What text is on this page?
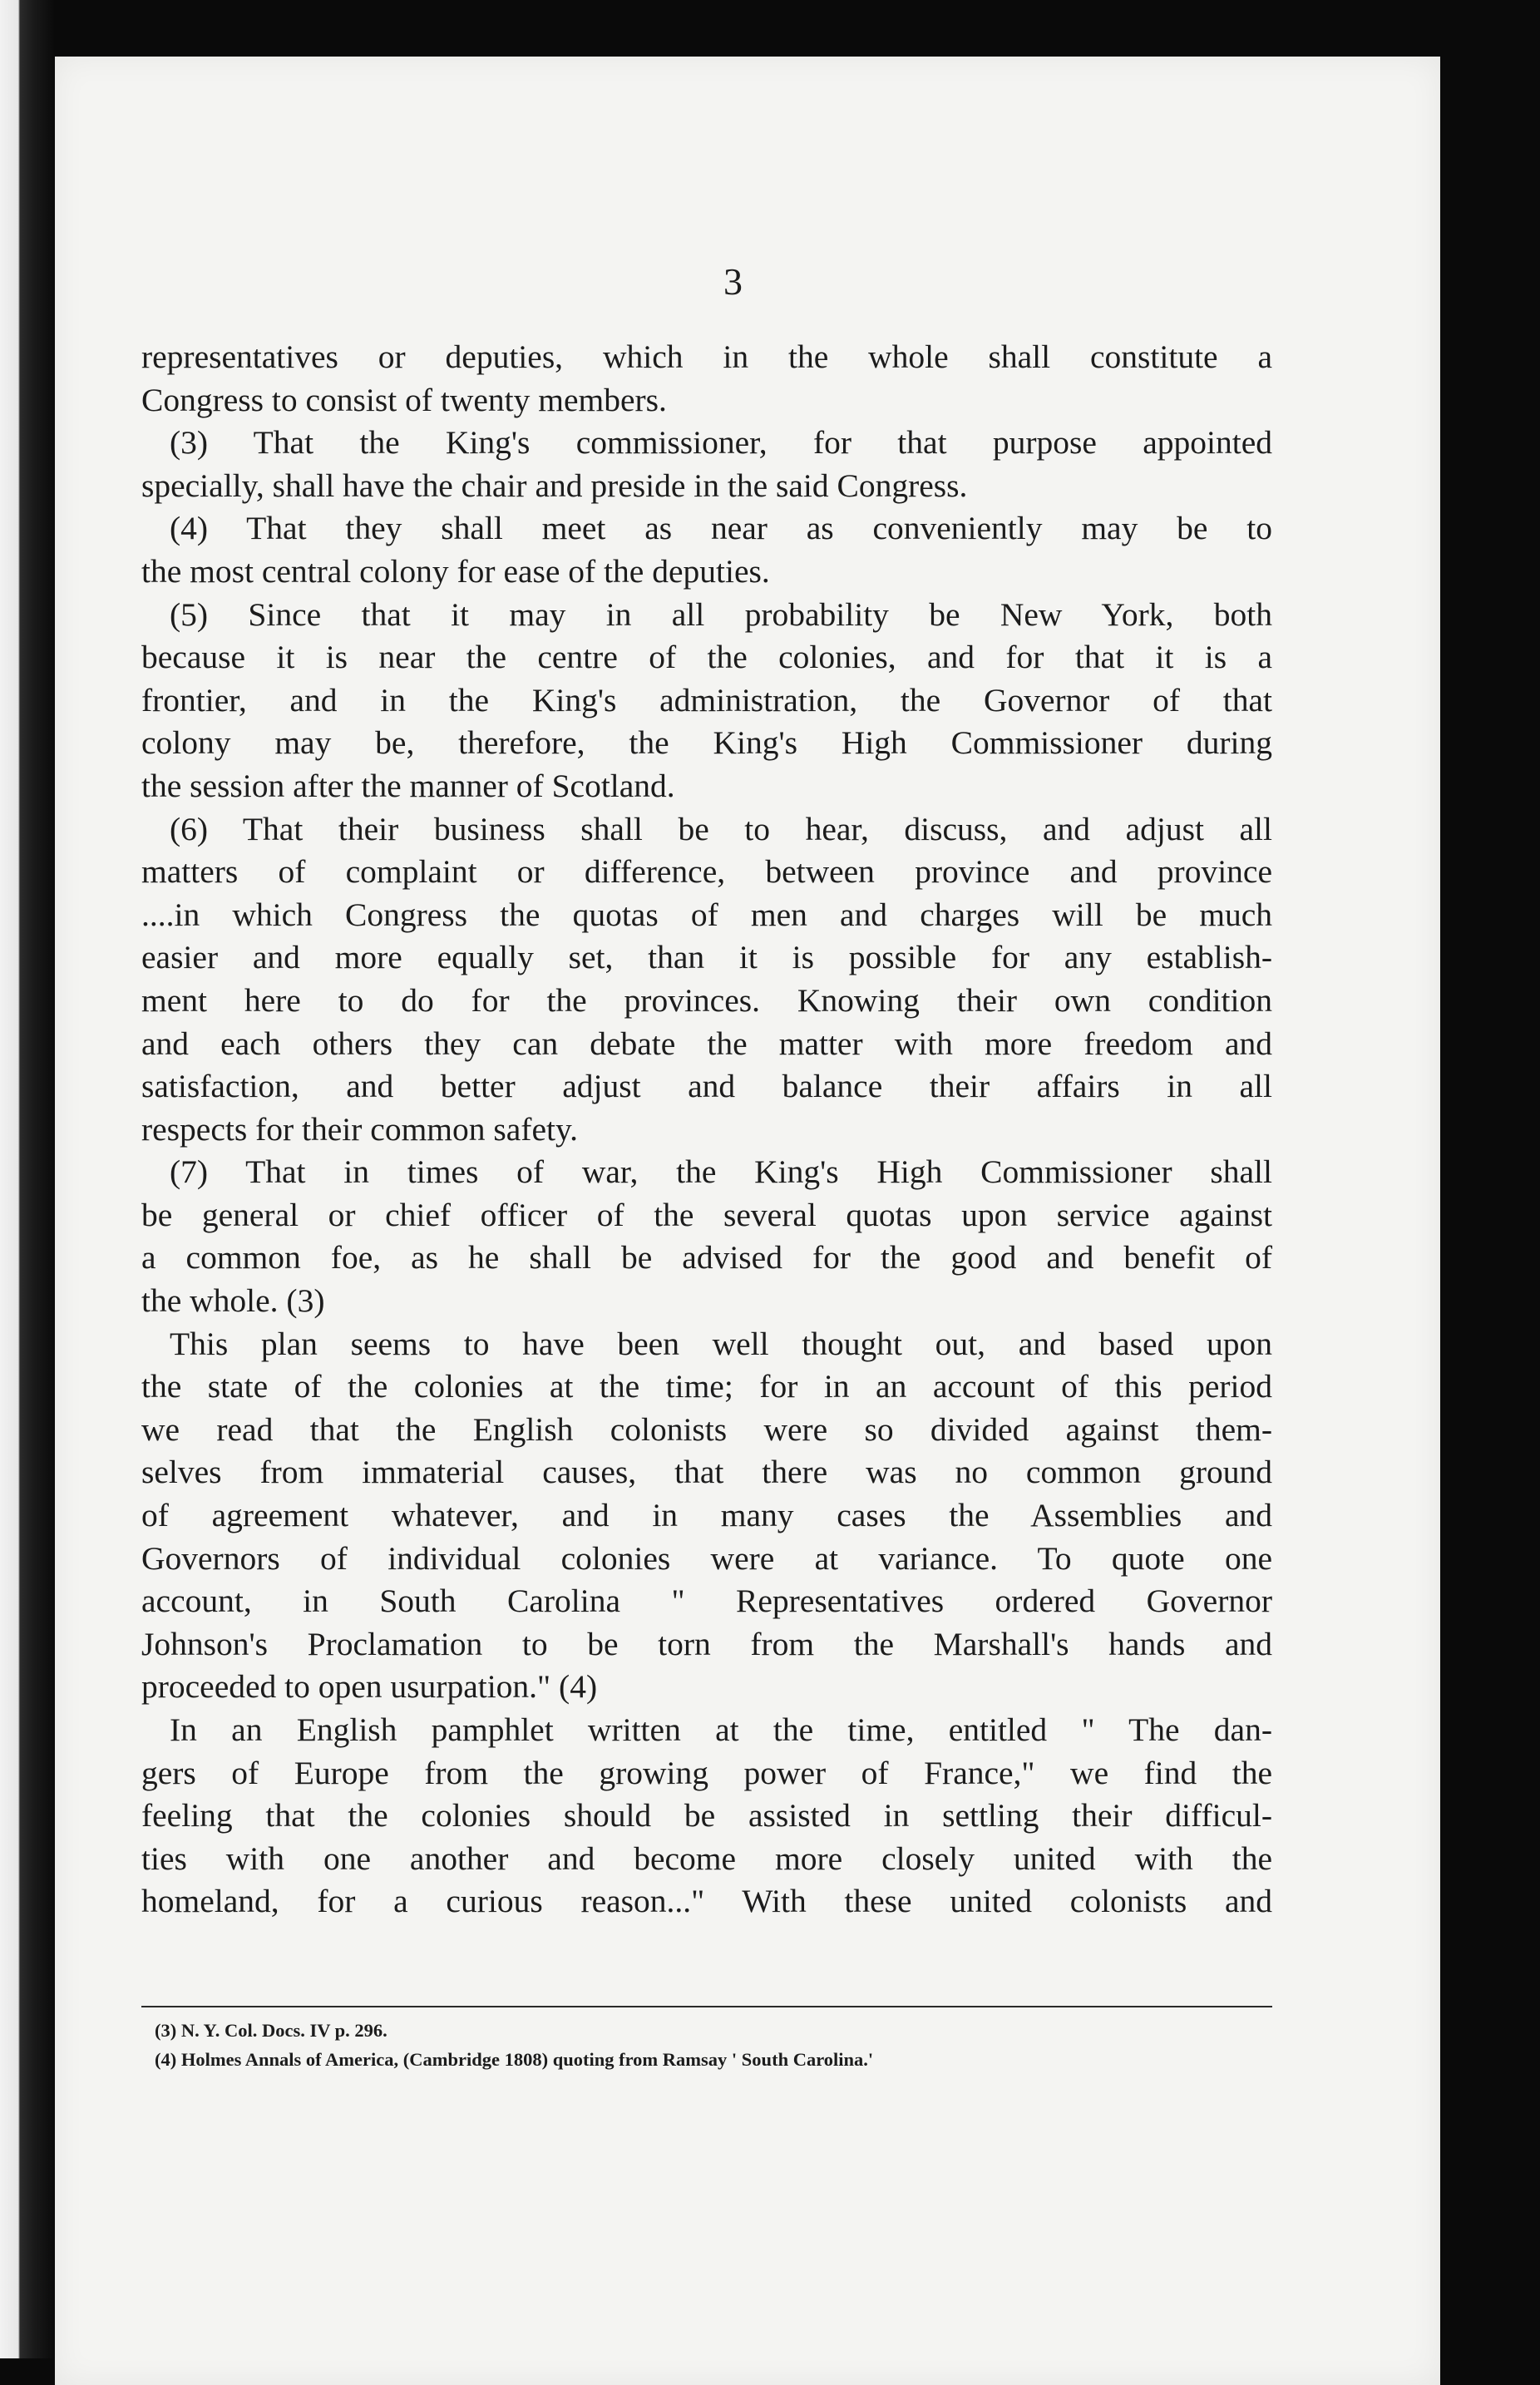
3
representatives or deputies, which in the whole shall constitute a
Congress to consist of twenty members.
(3) That the King's commissioner, for that purpose appointed
specially, shall have the chair and preside in the said Congress.
(4) That they shall meet as near as conveniently may be to
the most central colony for ease of the deputies.
(5) Since that it may in all probability be New York, both
because it is near the centre of the colonies, and for that it is a
frontier, and in the King's administration, the Governor of that
colony may be, therefore, the King's High Commissioner during
the session after the manner of Scotland.
(6) That their business shall be to hear, discuss, and adjust all
matters of complaint or difference, between province and province
....in which Congress the quotas of men and charges will be much
easier and more equally set, than it is possible for any establish-
ment here to do for the provinces. Knowing their own condition
and each others they can debate the matter with more freedom and
satisfaction, and better adjust and balance their affairs in all
respects for their common safety.
(7) That in times of war, the King's High Commissioner shall
be general or chief officer of the several quotas upon service against
a common foe, as he shall be advised for the good and benefit of
the whole. (3)
This plan seems to have been well thought out, and based upon
the state of the colonies at the time; for in an account of this period
we read that the English colonists were so divided against them-
selves from immaterial causes, that there was no common ground
of agreement whatever, and in many cases the Assemblies and
Governors of individual colonies were at variance. To quote one
account, in South Carolina " Representatives ordered Governor
Johnson's Proclamation to be torn from the Marshall's hands and
proceeded to open usurpation." (4)
In an English pamphlet written at the time, entitled " The dan-
gers of Europe from the growing power of France," we find the
feeling that the colonies should be assisted in settling their difficul-
ties with one another and become more closely united with the
homeland, for a curious reason..." With these united colonists and
(3) N. Y. Col. Docs. IV p. 296.
(4) Holmes Annals of America, (Cambridge 1808) quoting from Ramsay ' South Carolina.'
